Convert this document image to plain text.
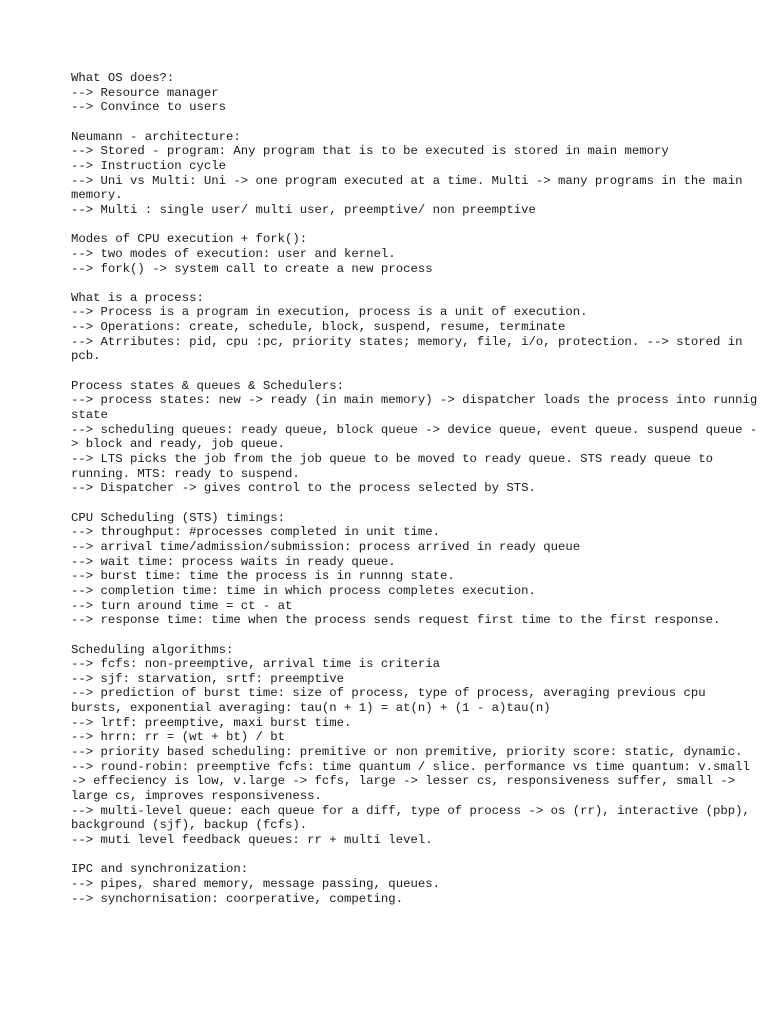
What OS does?:
--> Resource manager
--> Convince to users
Neumann - architecture:
--> Stored - program: Any program that is to be executed is stored in main memory
--> Instruction cycle
--> Uni vs Multi: Uni -> one program executed at a time. Multi -> many programs in the main memory.
--> Multi : single user/ multi user, preemptive/ non preemptive
Modes of CPU execution + fork():
--> two modes of execution: user and kernel.
--> fork() -> system call to create a new process
What is a process:
--> Process is a program in execution, process is a unit of execution.
--> Operations: create, schedule, block, suspend, resume, terminate
--> Atrributes: pid, cpu :pc, priority states; memory, file, i/o, protection. --> stored in pcb.
Process states & queues & Schedulers:
--> process states: new -> ready (in main memory) -> dispatcher loads the process into runnig state
--> scheduling queues: ready queue, block queue -> device queue, event queue. suspend queue -> block and ready, job queue.
--> LTS picks the job from the job queue to be moved to ready queue. STS ready queue to running. MTS: ready to suspend.
--> Dispatcher -> gives control to the process selected by STS.
CPU Scheduling (STS) timings:
--> throughput: #processes completed in unit time.
--> arrival time/admission/submission: process arrived in ready queue
--> wait time: process waits in ready queue.
--> burst time: time the process is in runnng state.
--> completion time: time in which process completes execution.
--> turn around time = ct - at
--> response time: time when the process sends request first time to the first response.
Scheduling algorithms:
--> fcfs: non-preemptive, arrival time is criteria
--> sjf: starvation, srtf: preemptive
--> prediction of burst time: size of process, type of process, averaging previous cpu bursts, exponential averaging: tau(n + 1) = at(n) + (1 - a)tau(n)
--> lrtf: preemptive, maxi burst time.
--> hrrn: rr = (wt + bt) / bt
--> priority based scheduling: premitive or non premitive, priority score: static, dynamic.
--> round-robin: preemptive fcfs: time quantum / slice. performance vs time quantum: v.small -> effeciency is low, v.large -> fcfs, large -> lesser cs, responsiveness suffer, small -> large cs, improves responsiveness.
--> multi-level queue: each queue for a diff, type of process -> os (rr), interactive (pbp), background (sjf), backup (fcfs).
--> muti level feedback queues: rr + multi level.
IPC and synchronization:
--> pipes, shared memory, message passing, queues.
--> synchornisation: coorperative, competing.
